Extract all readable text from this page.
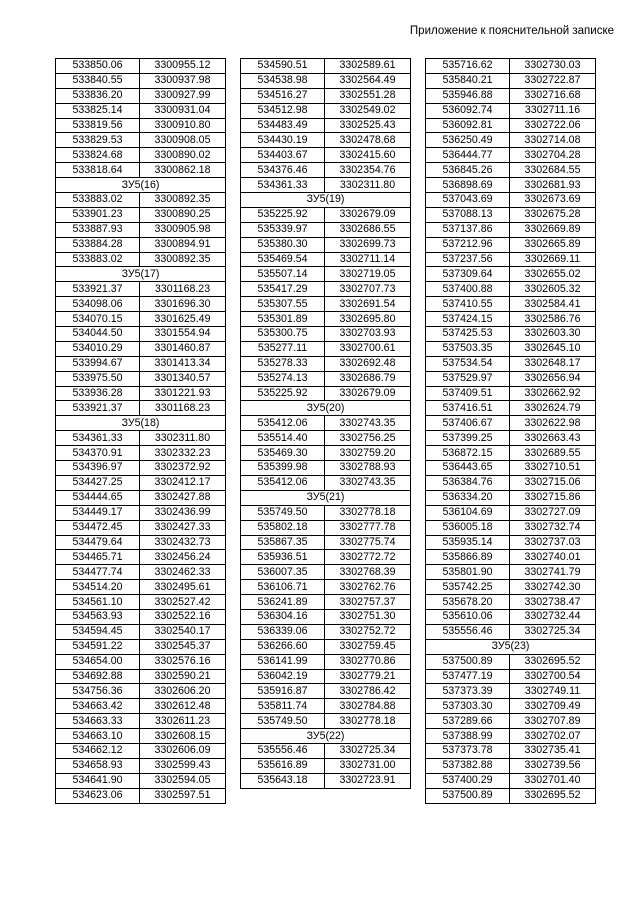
Приложение к пояснительной записке
533850.06	3300955.12
533840.55	3300937.98
533836.20	3300927.99
533825.14	3300931.04
533819.56	3300910.80
533829.53	3300908.05
533824.68	3300890.02
533818.64	3300862.18
ЗУ5(16)	
533883.02	3300892.35
533901.23	3300890.25
533887.93	3300905.98
533884.28	3300894.91
533883.02	3300892.35
ЗУ5(17)	
533921.37	3301168.23
534098.06	3301696.30
534070.15	3301625.49
534044.50	3301554.94
534010.29	3301460.87
533994.67	3301413.34
533975.50	3301340.57
533936.28	3301221.93
533921.37	3301168.23
ЗУ5(18)	
534361.33	3302311.80
534370.91	3302332.23
534396.97	3302372.92
534427.25	3302412.17
534444.65	3302427.88
534449.17	3302436.99
534472.45	3302427.33
534479.64	3302432.73
534465.71	3302456.24
534477.74	3302462.33
534514.20	3302495.61
534561.10	3302527.42
534563.93	3302522.16
534594.45	3302540.17
534591.22	3302545.37
534654.00	3302576.16
534692.88	3302590.21
534756.36	3302606.20
534663.42	3302612.48
534663.33	3302611.23
534663.10	3302608.15
534662.12	3302606.09
534658.93	3302599.43
534641.90	3302594.05
534623.06	3302597.51
534590.51	3302589.61
534538.98	3302564.49
534516.27	3302551.28
534512.98	3302549.02
534483.49	3302525.43
534430.19	3302478.68
534403.67	3302415.60
534376.46	3302354.76
534361.33	3302311.80
ЗУ5(19)	
535225.92	3302679.09
535339.97	3302686.55
535380.30	3302699.73
535469.54	3302711.14
535507.14	3302719.05
535417.29	3302707.73
535307.55	3302691.54
535301.89	3302695.80
535300.75	3302703.93
535277.11	3302700.61
535278.33	3302692.48
535274.13	3302686.79
535225.92	3302679.09
ЗУ5(20)	
535412.06	3302743.35
535514.40	3302756.25
535469.30	3302759.20
535399.98	3302788.93
535412.06	3302743.35
ЗУ5(21)	
535749.50	3302778.18
535802.18	3302777.78
535867.35	3302775.74
535936.51	3302772.72
536007.35	3302768.39
536106.71	3302762.76
536241.89	3302757.37
536304.16	3302751.30
536339.06	3302752.72
536266.60	3302759.45
536141.99	3302770.86
536042.19	3302779.21
535916.87	3302786.42
535811.74	3302784.88
535749.50	3302778.18
ЗУ5(22)	
535556.46	3302725.34
535616.89	3302731.00
535643.18	3302723.91
535716.62	3302730.03
535840.21	3302722.87
535946.88	3302716.68
536092.74	3302711.16
536092.81	3302722.06
536250.49	3302714.08
536444.77	3302704.28
536845.26	3302684.55
536898.69	3302681.93
537043.69	3302673.69
537088.13	3302675.28
537137.86	3302669.89
537212.96	3302665.89
537237.56	3302669.11
537309.64	3302655.02
537400.88	3302605.32
537410.55	3302584.41
537424.15	3302586.76
537425.53	3302603.30
537503.35	3302645.10
537534.54	3302648.17
537529.97	3302656.94
537409.51	3302662.92
537416.51	3302624.79
537406.67	3302622.98
537399.25	3302663.43
536872.15	3302689.55
536443.65	3302710.51
536384.76	3302715.06
536334.20	3302715.86
536104.69	3302727.09
536005.18	3302732.74
535935.14	3302737.03
535866.89	3302740.01
535801.90	3302741.79
535742.25	3302742.30
535678.20	3302738.47
535610.06	3302732.44
535556.46	3302725.34
ЗУ5(23)	
537500.89	3302695.52
537477.19	3302700.54
537373.39	3302749.11
537303.30	3302709.49
537289.66	3302707.89
537388.99	3302702.07
537373.78	3302735.41
537382.88	3302739.56
537400.29	3302701.40
537500.89	3302695.52
